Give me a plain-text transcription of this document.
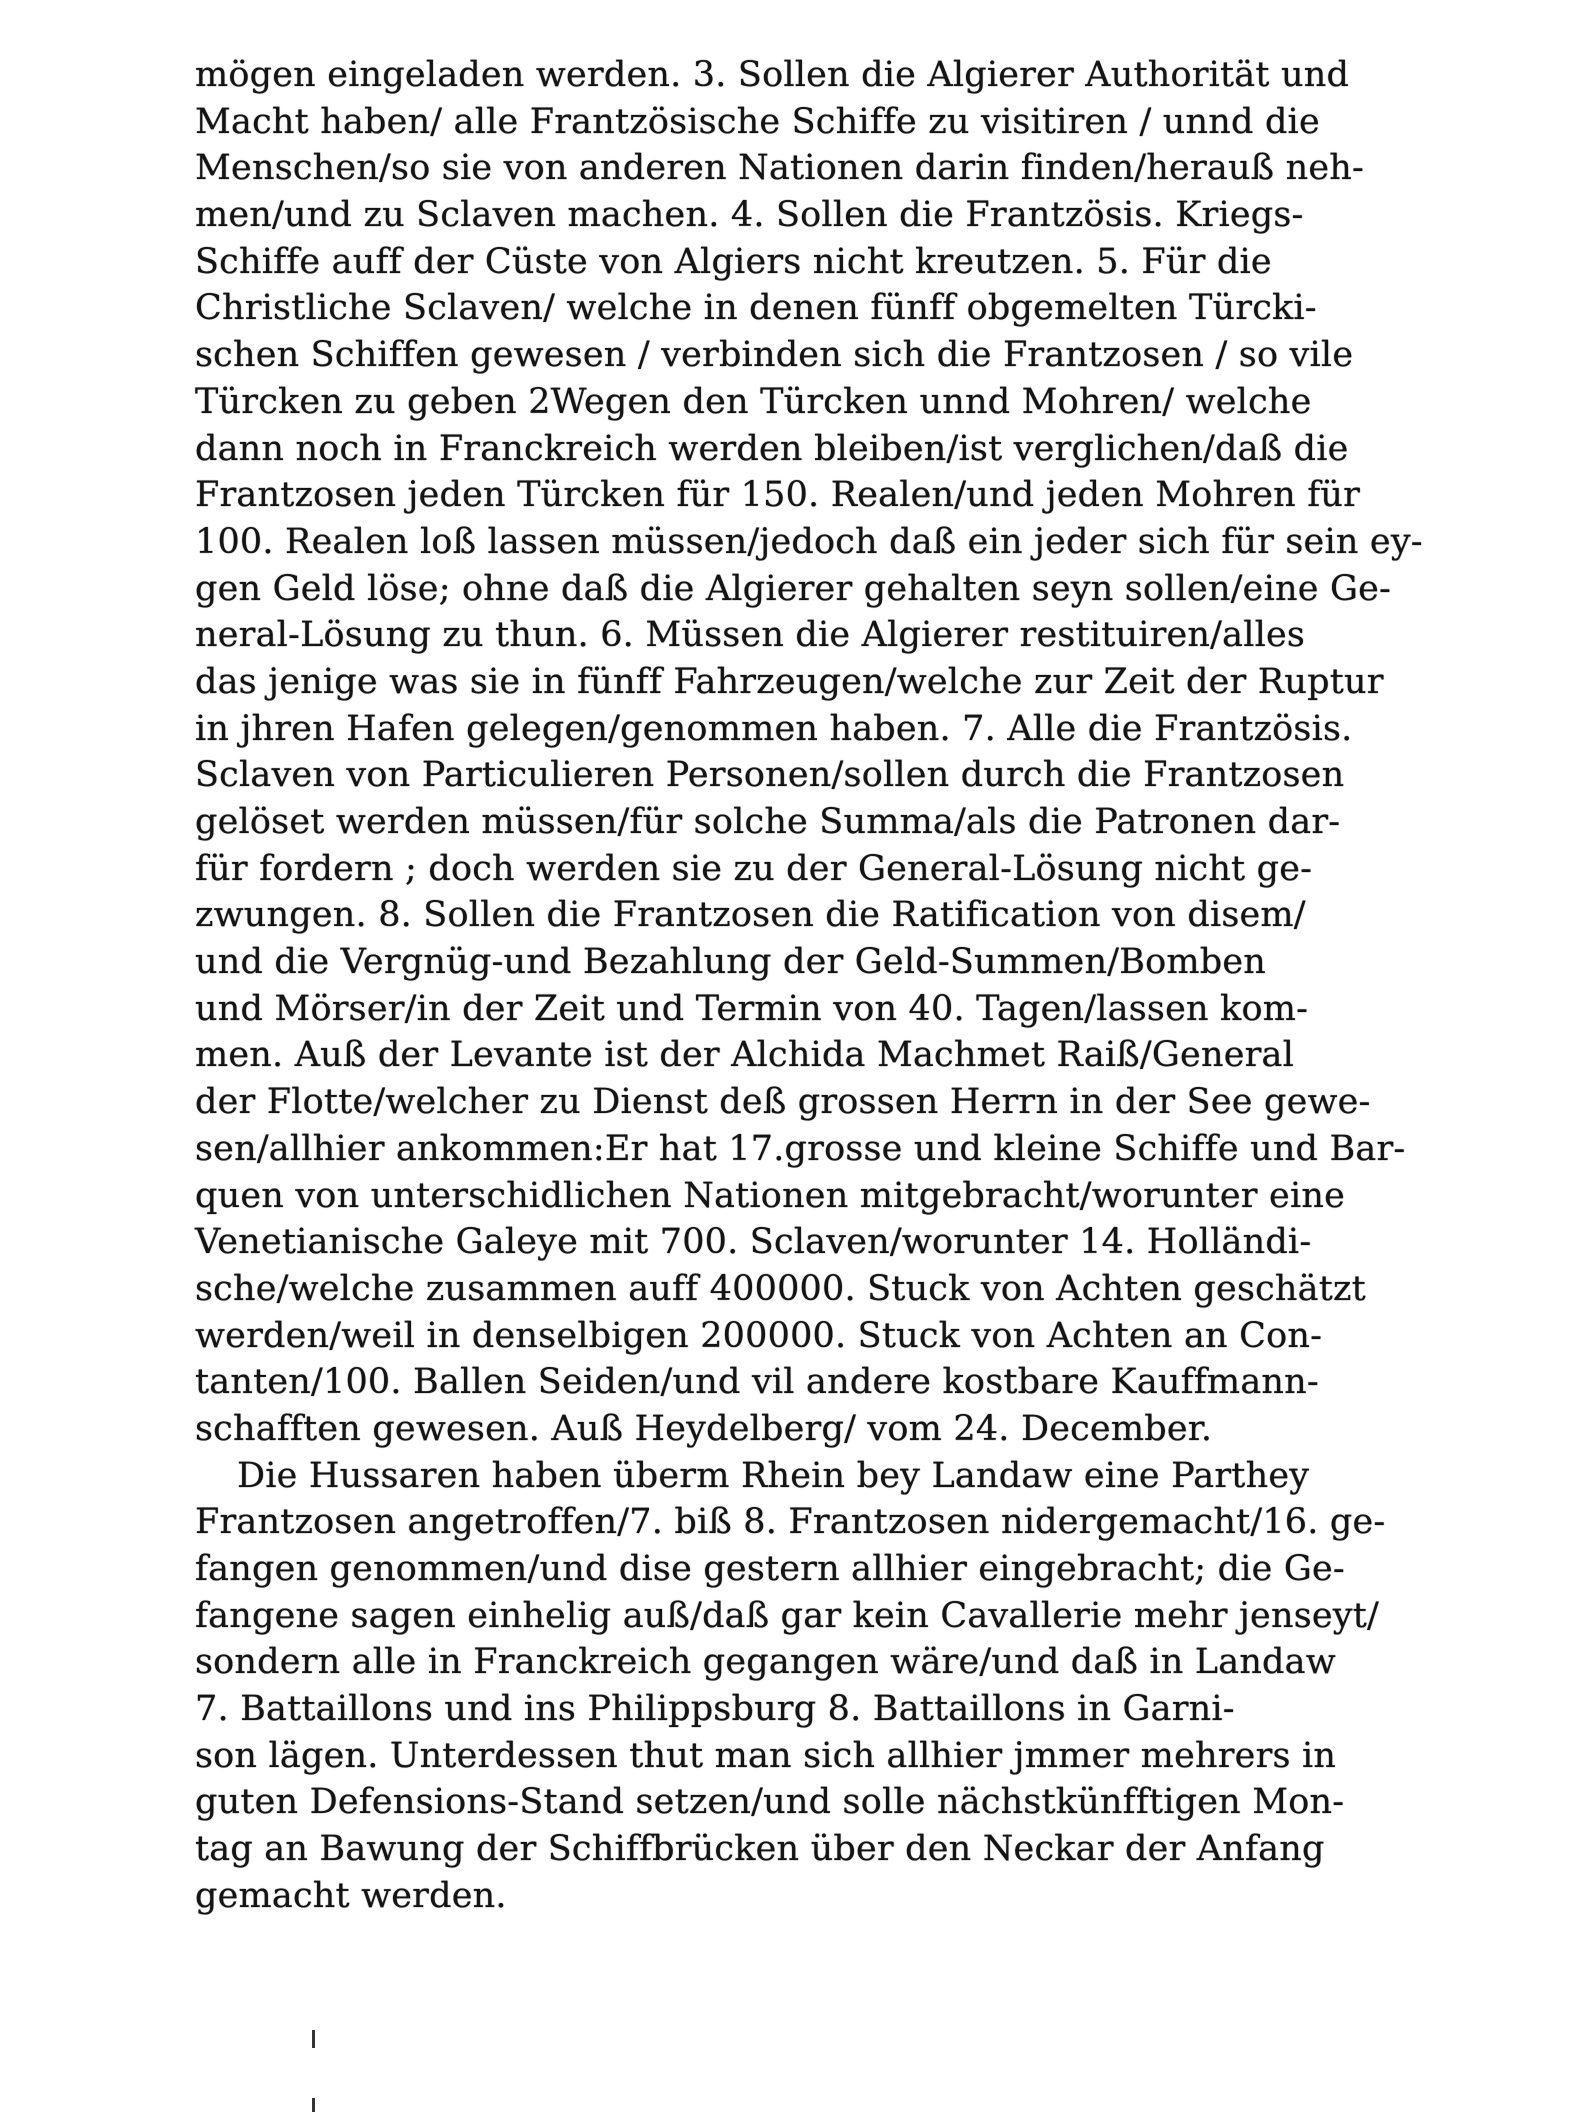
mögen eingeladen werden. 3. Sollen die Algierer Authorität und
Macht haben/ alle Frantzösische Schiffe zu visitiren / unnd die
Menschen/so sie von anderen Nationen darin finden/herauß neh-
men/und zu Sclaven machen. 4. Sollen die Frantzösis. Kriegs-
Schiffe auff der Cüste von Algiers nicht kreutzen. 5. Für die
Christliche Sclaven/ welche in denen fünff obgemelten Türcki-
schen Schiffen gewesen / verbinden sich die Frantzosen / so vile
Türcken zu geben 2Wegen den Türcken unnd Mohren/ welche
dann noch in Franckreich werden bleiben/ist verglichen/daß die
Frantzosen jeden Türcken für 150. Realen/und jeden Mohren für
100. Realen loß lassen müssen/jedoch daß ein jeder sich für sein ey-
gen Geld löse; ohne daß die Algierer gehalten seyn sollen/eine Ge-
neral-Lösung zu thun. 6. Müssen die Algierer restituiren/alles
das jenige was sie in fünff Fahrzeugen/welche zur Zeit der Ruptur
in jhren Hafen gelegen/genommen haben. 7. Alle die Frantzösis.
Sclaven von Particulieren Personen/sollen durch die Frantzosen
gelöset werden müssen/für solche Summa/als die Patronen dar-
für fordern ; doch werden sie zu der General-Lösung nicht ge-
zwungen. 8. Sollen die Frantzosen die Ratification von disem/
und die Vergnüg-und Bezahlung der Geld-Summen/Bomben
und Mörser/in der Zeit und Termin von 40. Tagen/lassen kom-
men. Auß der Levante ist der Alchida Machmet Raiß/General
der Flotte/welcher zu Dienst deß grossen Herrn in der See gewe-
sen/allhier ankommen:Er hat 17.grosse und kleine Schiffe und Bar-
quen von unterschidlichen Nationen mitgebracht/worunter eine
Venetianische Galeye mit 700. Sclaven/worunter 14. Holländi-
sche/welche zusammen auff 400000. Stuck von Achten geschätzt
werden/weil in denselbigen 200000. Stuck von Achten an Con-
tanten/100. Ballen Seiden/und vil andere kostbare Kauffmann-
schafften gewesen. Auß Heydelberg/ vom 24. December.
Die Hussaren haben überm Rhein bey Landaw eine Parthey
Frantzosen angetroffen/7. biß 8. Frantzosen nidergemacht/16. ge-
fangen genommen/und dise gestern allhier eingebracht; die Ge-
fangene sagen einhelig auß/daß gar kein Cavallerie mehr jenseyt/
sondern alle in Franckreich gegangen wäre/und daß in Landaw
7. Battaillons und ins Philippsburg 8. Battaillons in Garni-
son lägen. Unterdessen thut man sich allhier jmmer mehrers in
guten Defensions-Stand setzen/und solle nächstkünfftigen Mon-
tag an Bawung der Schiffbrücken über den Neckar der Anfang
gemacht werden.
